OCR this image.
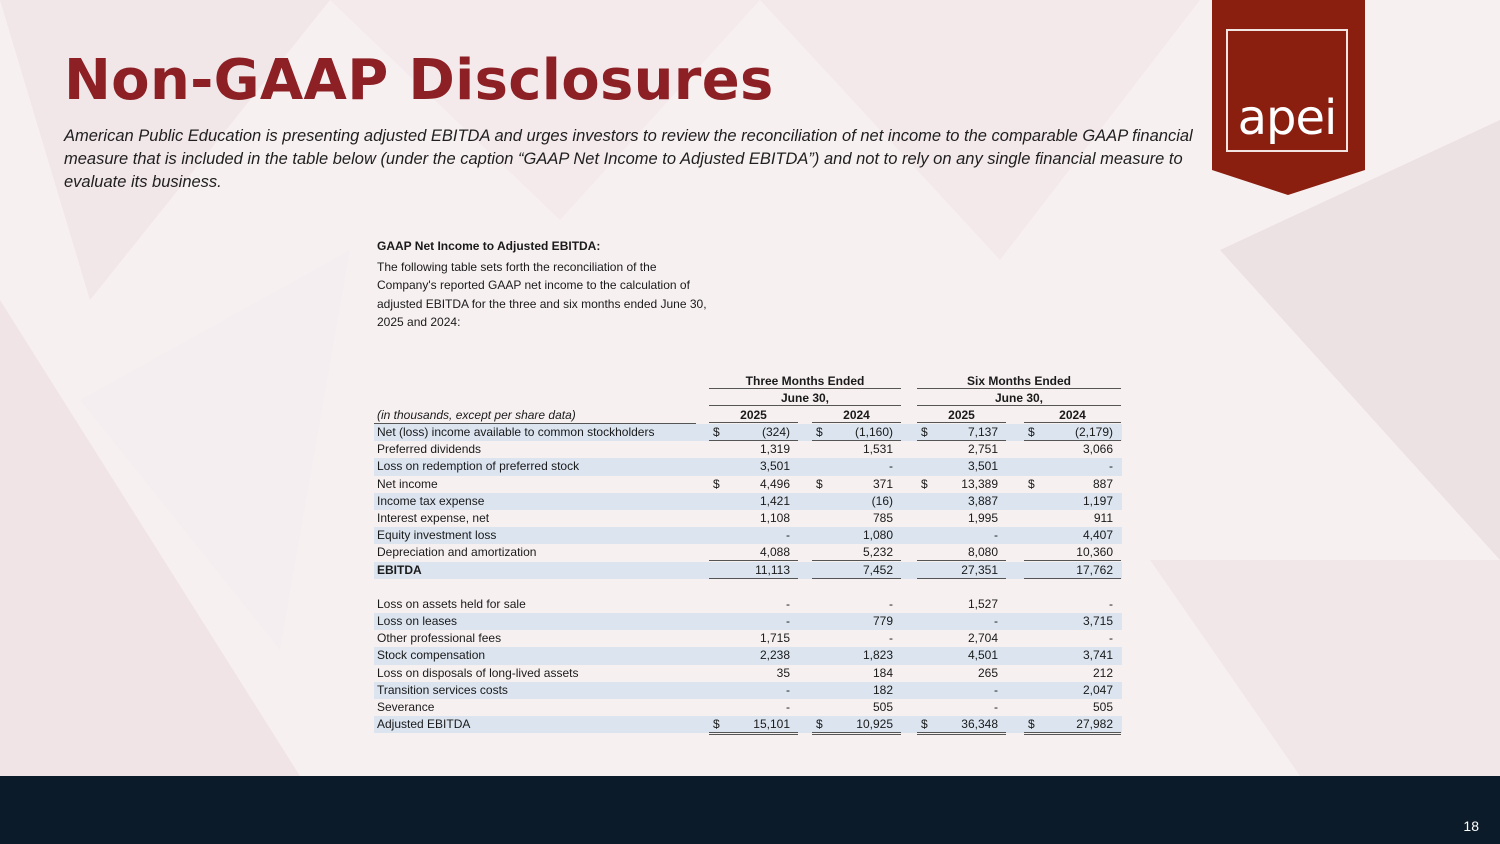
Non-GAAP Disclosures

American Public Education is presenting adjusted EBITDA and urges investors to review the reconciliation of net income to the comparable GAAP financial measure that is included in the table below (under the caption “GAAP Net Income to Adjusted EBITDA”) and not to rely on any single financial measure to evaluate its business.

apei
GAAP Net Income to Adjusted EBITDA:
The following table sets forth the reconciliation of the Company's reported GAAP net income to the calculation of adjusted EBITDA for the three and six months ended June 30, 2025 and 2024:
Three Months Ended	Six Months Ended
June 30,	June 30,
(in thousands, except per share data)	2025	2024	2025	2024
Net (loss) income available to common stockholders	$	(324) $	(1,160) $	7,137	$	(2,179)
Preferred dividends	1,319	1,531	2,751	3,066
Loss on redemption of preferred stock	3,501	-	3,501	-
Net income	$	4,496 $	371 $	13,389	$	887
Income tax expense	1,421	(16)	3,887	1,197
Interest expense, net	1,108	785	1,995	911
Equity investment loss	-	1,080	-	4,407
Depreciation and amortization	4,088	5,232	8,080	10,360
EBITDA	11,113	7,452	27,351	17,762
Loss on assets held for sale	-	-	1,527	-
Loss on leases	-	779	-	3,715
Other professional fees	1,715	-	2,704	-
Stock compensation	2,238	1,823	4,501	3,741
Loss on disposals of long-lived assets	35	184	265	212
Transition services costs	-	182	-	2,047
Severance	-	505	-	505
Adjusted EBITDA	$	15,101 $	10,925 $	36,348	$	27,982
18
